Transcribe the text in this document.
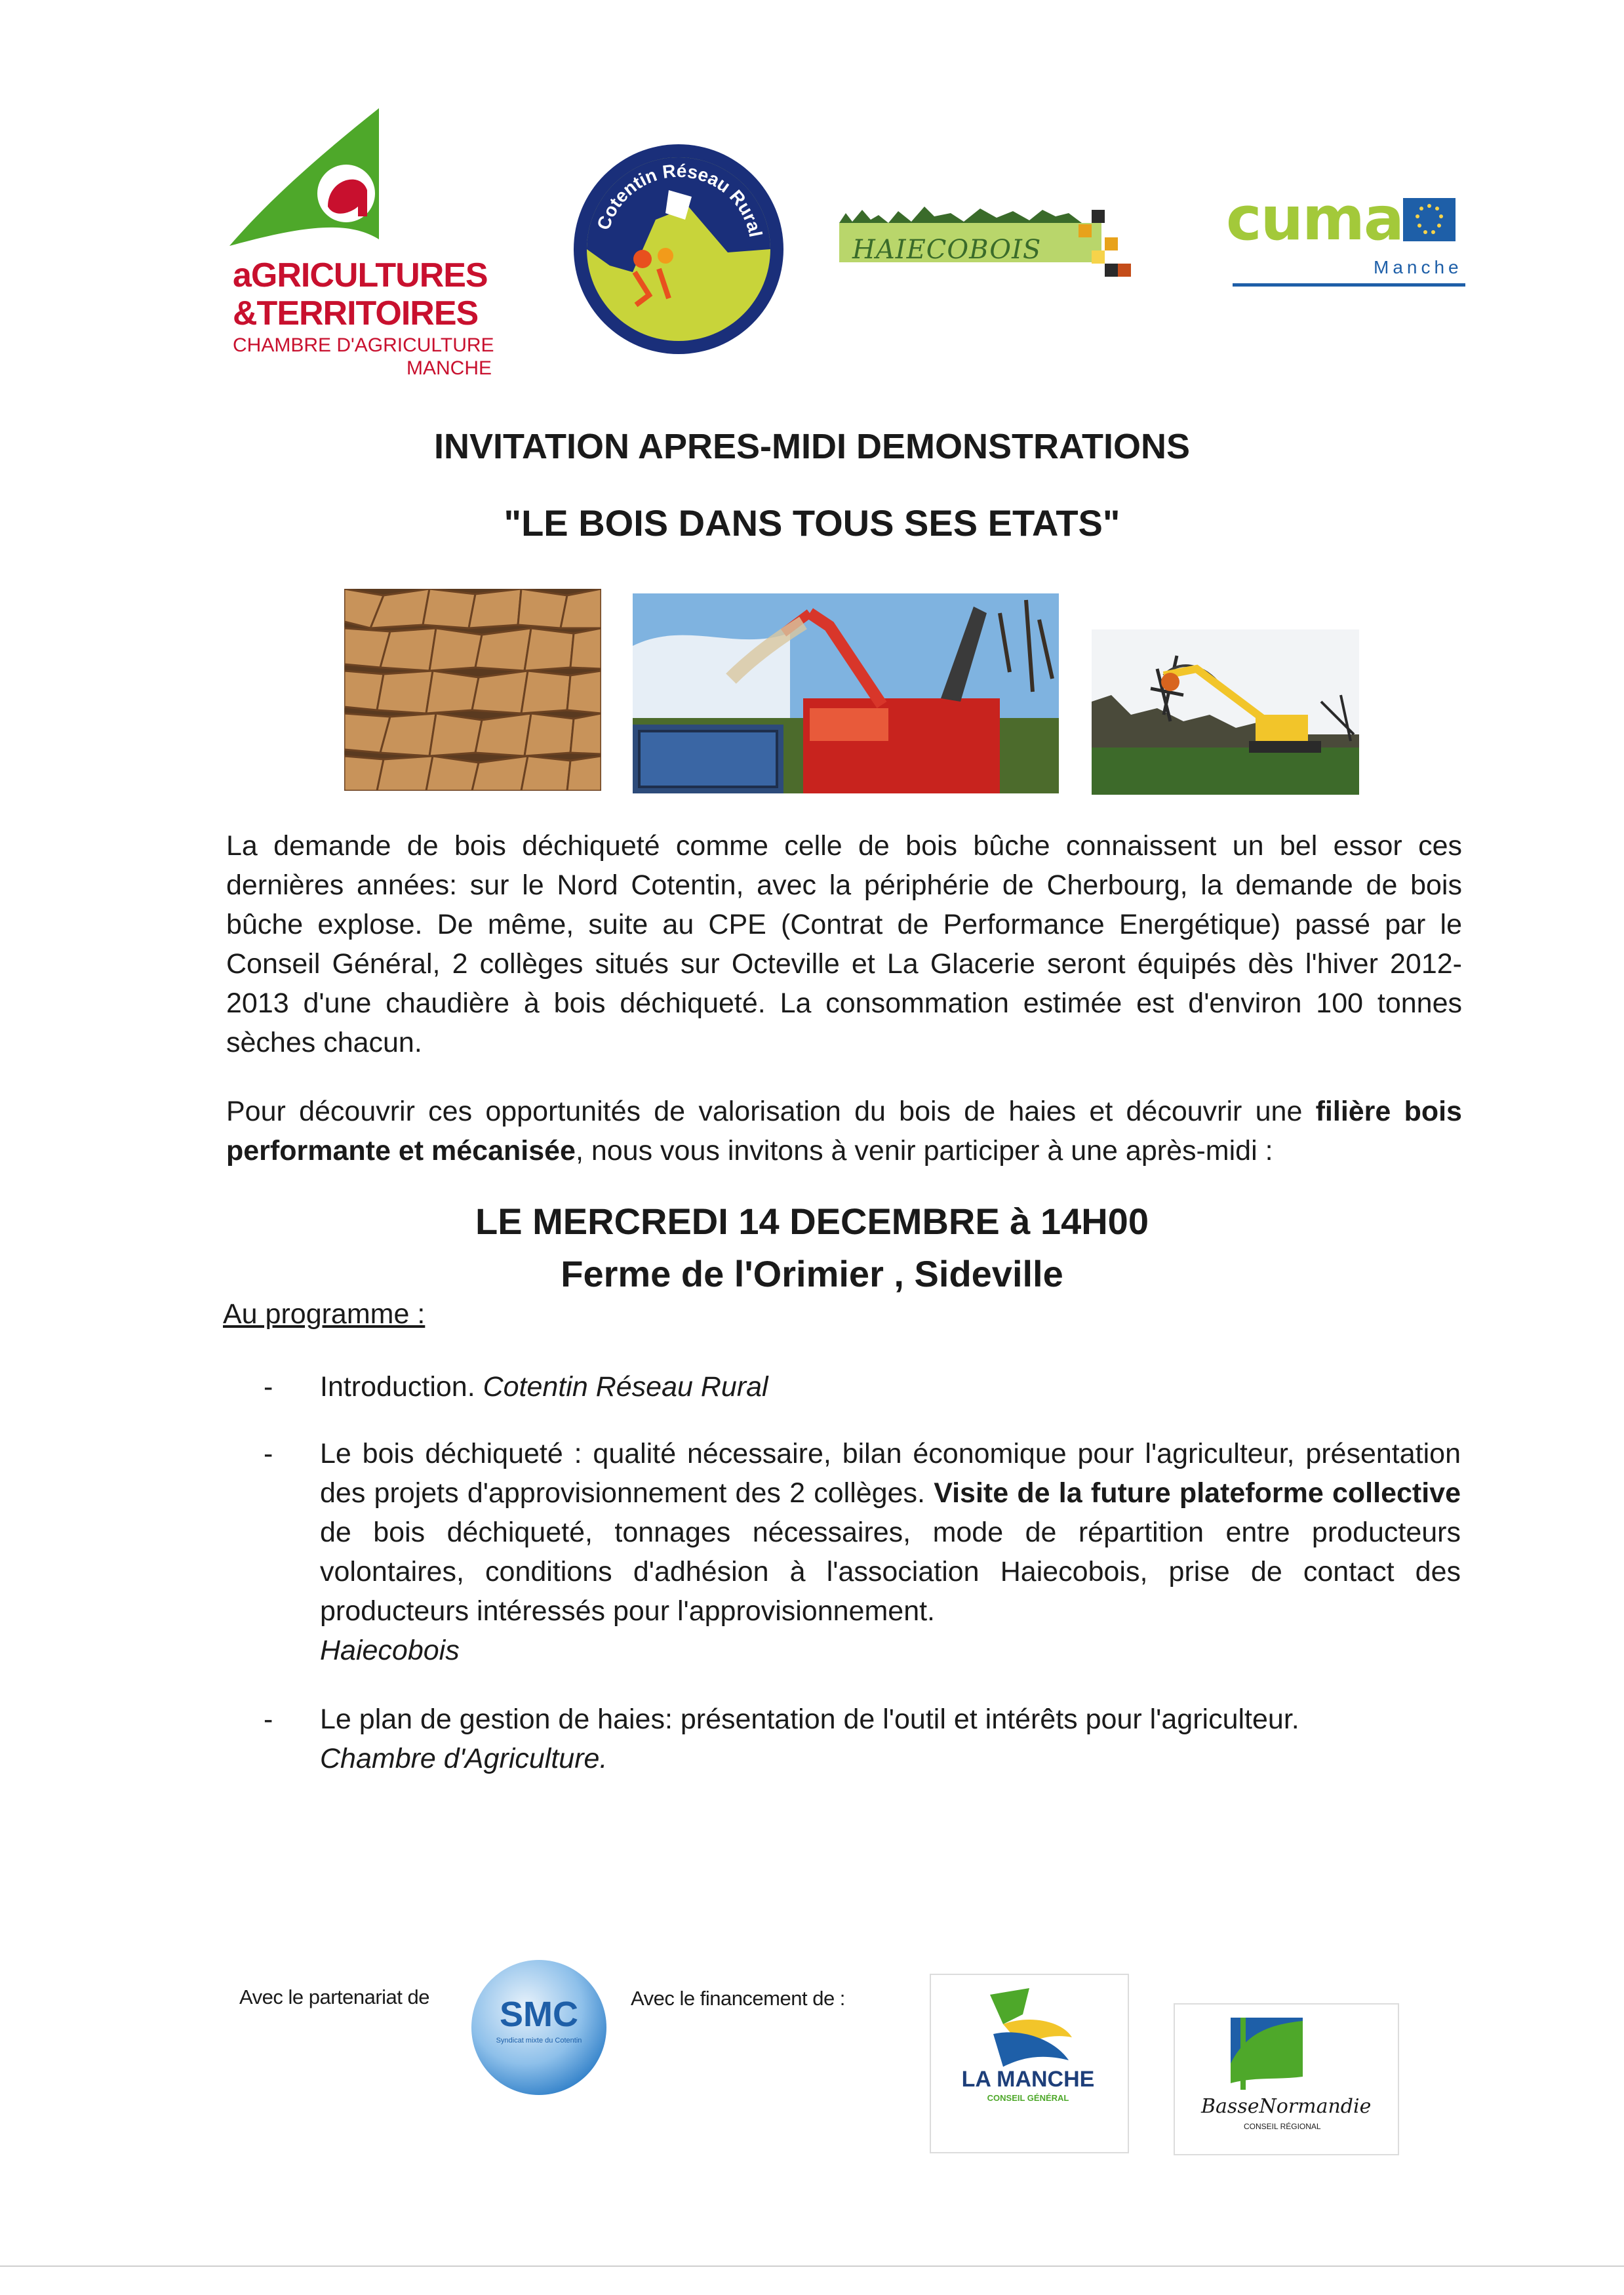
aGRICULTURES
&TERRITOIRES
CHAMBRE D'AGRICULTURE
MANCHE
Cotentin Réseau Rural
HAIECOBOIS	cuma
Manche
INVITATION APRES-MIDI DEMONSTRATIONS
"LE BOIS DANS TOUS SES ETATS"
La demande de bois déchiqueté comme celle de bois bûche connaissent un bel essor ces dernières années: sur le Nord Cotentin, avec la périphérie de Cherbourg, la demande de bois bûche explose. De même, suite au CPE (Contrat de Performance Energétique) passé par le Conseil Général, 2 collèges situés sur Octeville et La Glacerie seront équipés dès l'hiver 2012-2013 d'une chaudière à bois déchiqueté. La consommation estimée est d'environ 100 tonnes sèches chacun.
Pour découvrir ces opportunités de valorisation du bois de haies et découvrir une filière bois performante et mécanisée, nous vous invitons à venir participer à une après-midi :
LE MERCREDI 14 DECEMBRE à 14H00
Ferme de l'Orimier , Sideville
Au programme :
- Introduction. Cotentin Réseau Rural
- Le bois déchiqueté : qualité nécessaire, bilan économique pour l'agriculteur, présentation des projets d'approvisionnement des 2 collèges. Visite de la future plateforme collective de bois déchiqueté, tonnages nécessaires, mode de répartition entre producteurs volontaires, conditions d'adhésion à l'association Haiecobois, prise de contact des producteurs intéressés pour l'approvisionnement.
Haiecobois
- Le plan de gestion de haies: présentation de l'outil et intérêts pour l'agriculteur.
Chambre d'Agriculture.
Avec le partenariat de	Avec le financement de :
SMC
Syndicat mixte du Cotentin
LA MANCHE
CONSEIL GÉNÉRAL	BasseNormandie
CONSEIL RÉGIONAL
